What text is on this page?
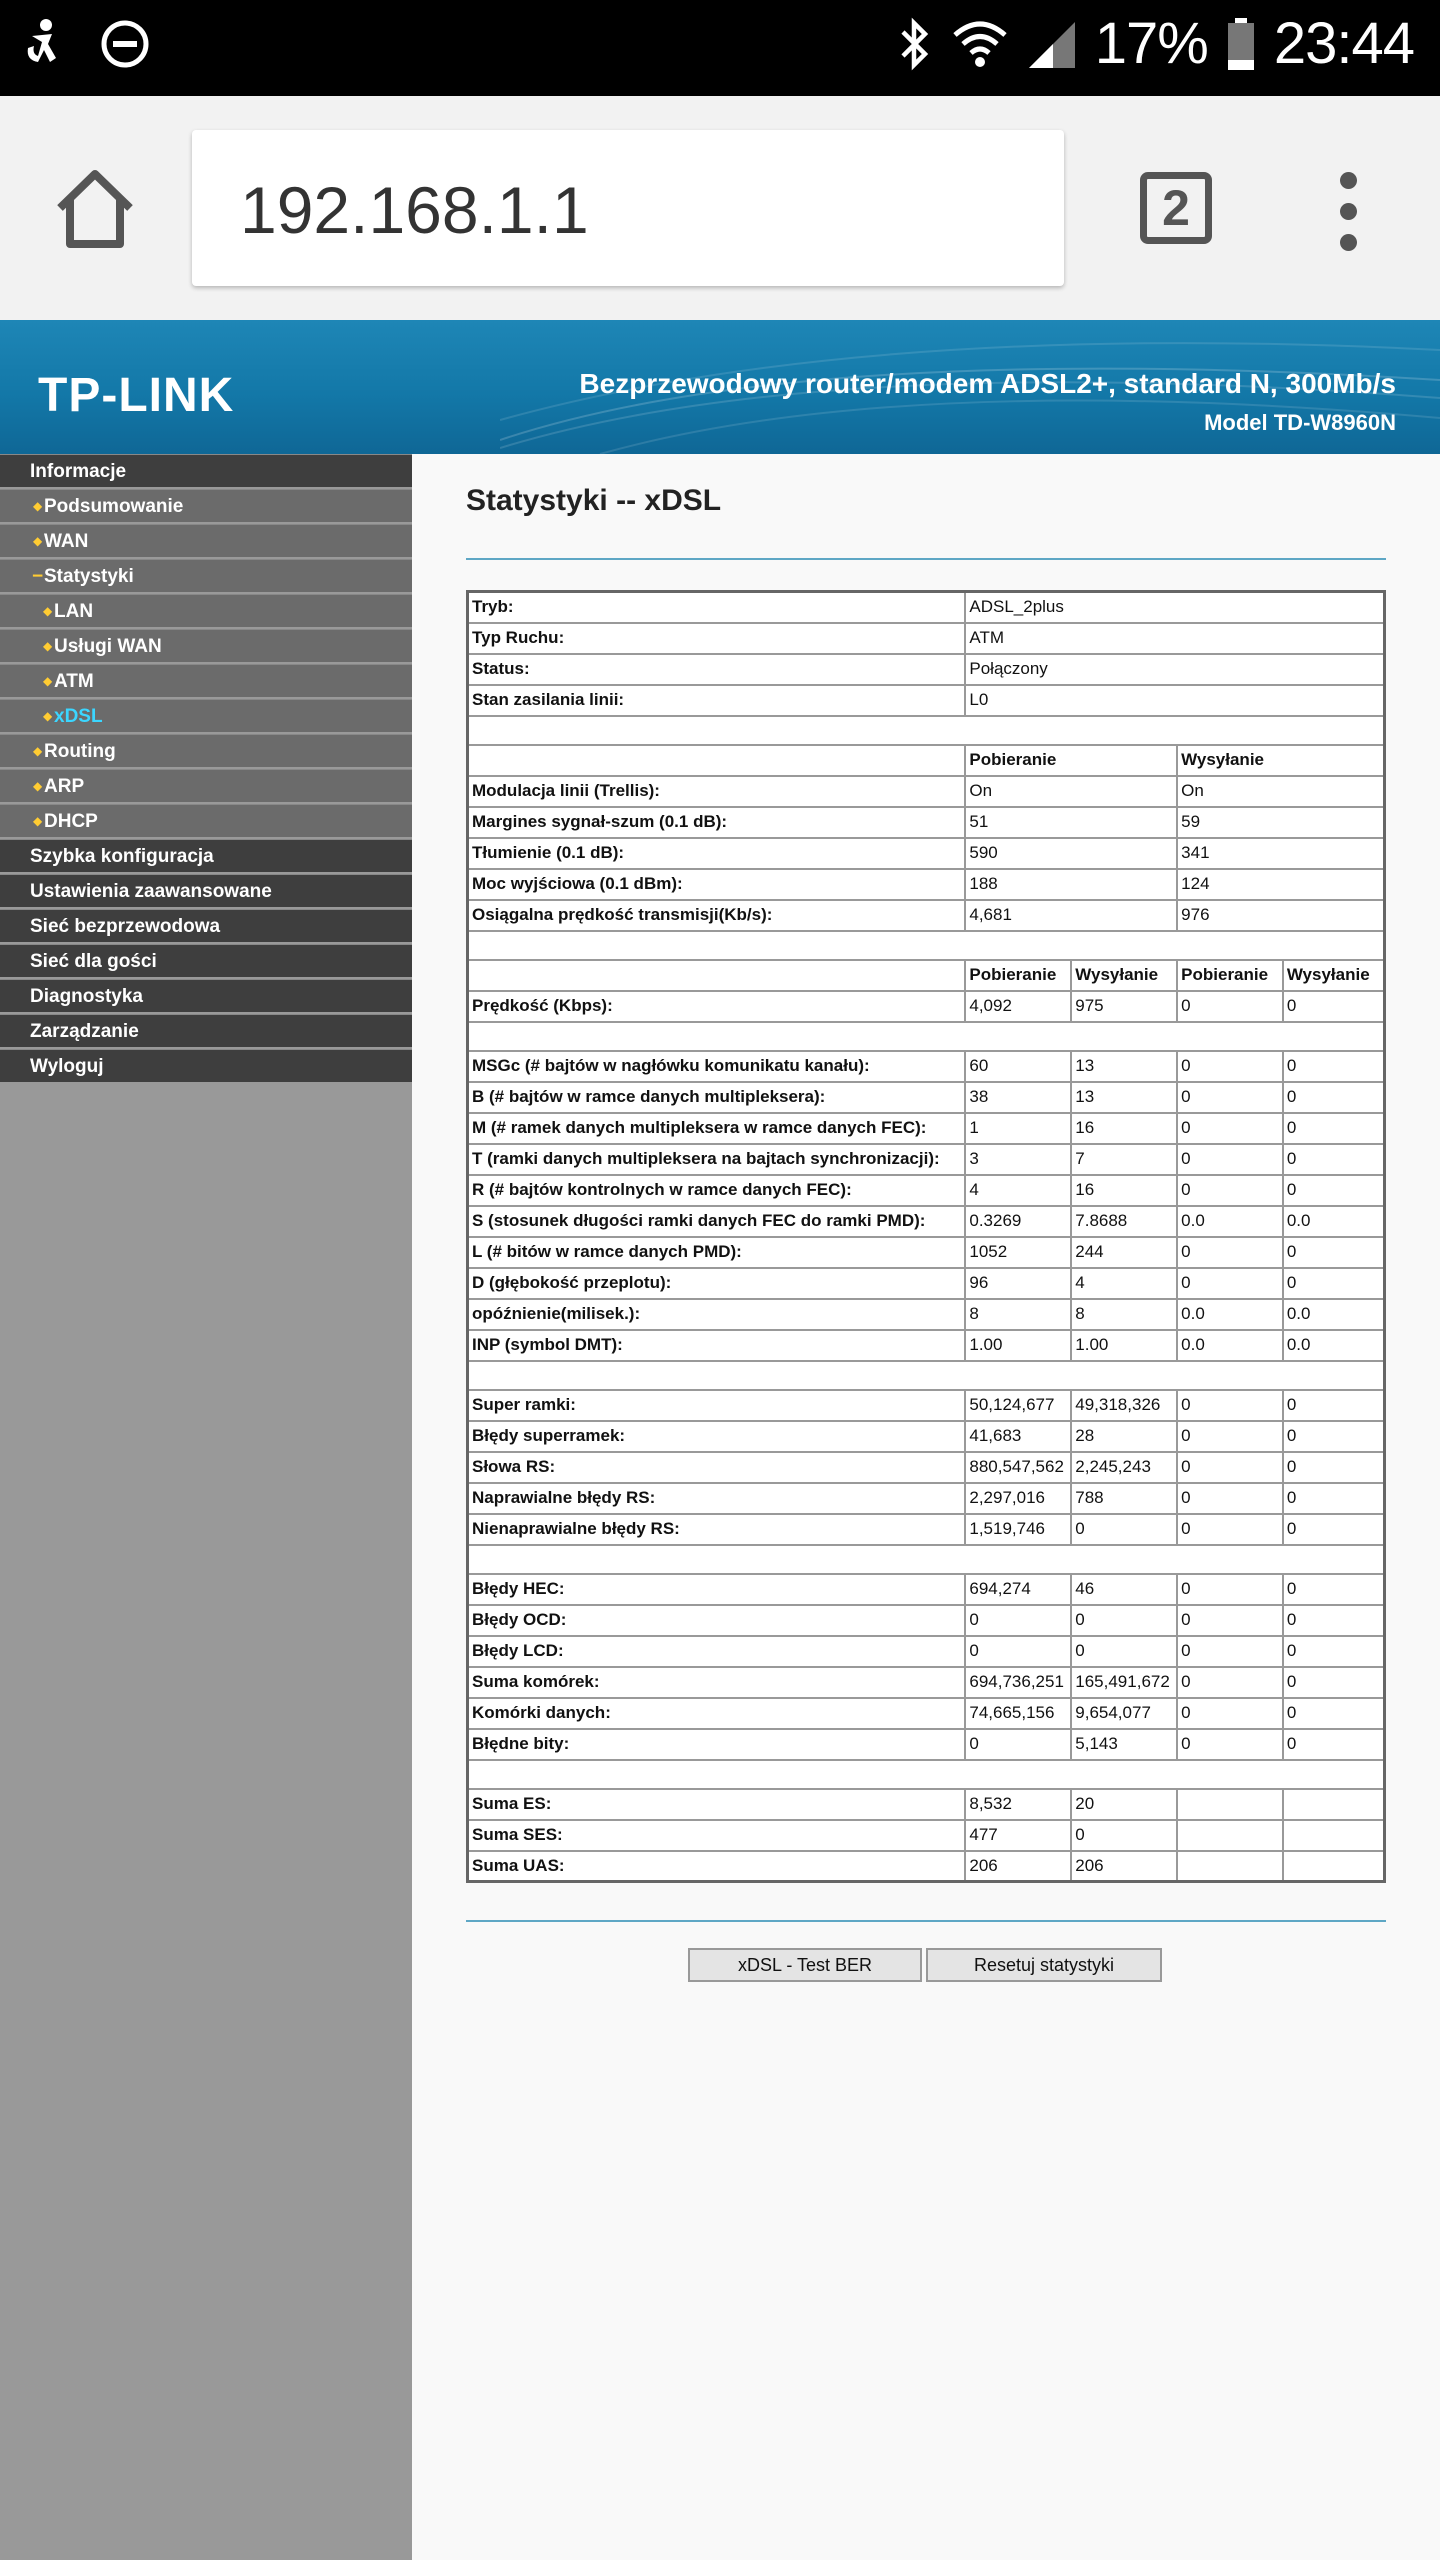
17% 23:44
192.168.1.1	2
TP-LINK	Bezprzewodowy router/modem ADSL2+, standard N, 300Mb/s
Model TD-W8960N
Informacje
◆ Podsumowanie
◆ WAN
− Statystyki
◆ LAN
◆ Usługi WAN
◆ ATM
◆ xDSL
◆ Routing
◆ ARP
◆ DHCP
Szybka konfiguracja
Ustawienia zaawansowane
Sieć bezprzewodowa
Sieć dla gości
Diagnostyka
Zarządzanie
Wyloguj
Statystyki -- xDSL
Tryb:	ADSL_2plus			
Typ Ruchu:	ATM			
Status:	Połączony			
Stan zasilania linii:	L0			

	Pobieranie		Wysyłanie	
Modulacja linii (Trellis):	On		On	
Margines sygnał-szum (0.1 dB):	51		59	
Tłumienie (0.1 dB):	590		341	
Moc wyjściowa (0.1 dBm):	188		124	
Osiągalna prędkość transmisji(Kb/s):	4,681		976	

	Pobieranie	Wysyłanie	Pobieranie	Wysyłanie
Prędkość (Kbps):	4,092	975	0	0

MSGc (# bajtów w nagłówku komunikatu kanału):	60	13	0	0
B (# bajtów w ramce danych multipleksera):	38	13	0	0
M (# ramek danych multipleksera w ramce danych FEC):	1	16	0	0
T (ramki danych multipleksera na bajtach synchronizacji):	3	7	0	0
R (# bajtów kontrolnych w ramce danych FEC):	4	16	0	0
S (stosunek długości ramki danych FEC do ramki PMD):	0.3269	7.8688	0.0	0.0
L (# bitów w ramce danych PMD):	1052	244	0	0
D (głębokość przeplotu):	96	4	0	0
opóźnienie(milisek.):	8	8	0.0	0.0
INP (symbol DMT):	1.00	1.00	0.0	0.0

Super ramki:	50,124,677	49,318,326	0	0
Błędy superramek:	41,683	28	0	0
Słowa RS:	880,547,562	2,245,243	0	0
Naprawialne błędy RS:	2,297,016	788	0	0
Nienaprawialne błędy RS:	1,519,746	0	0	0

Błędy HEC:	694,274	46	0	0
Błędy OCD:	0	0	0	0
Błędy LCD:	0	0	0	0
Suma komórek:	694,736,251	165,491,672	0	0
Komórki danych:	74,665,156	9,654,077	0	0
Błędne bity:	0	5,143	0	0

Suma ES:	8,532	20		
Suma SES:	477	0		
Suma UAS:	206	206		
xDSL - Test BER	Resetuj statystyki
